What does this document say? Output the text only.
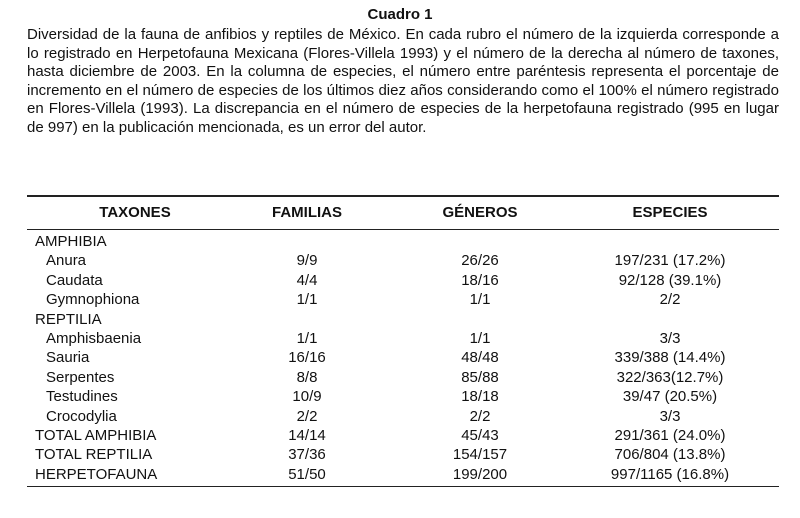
Cuadro 1
Diversidad de la fauna de anfibios y reptiles de México. En cada rubro el número de la izquierda corresponde a lo registrado en Herpetofauna Mexicana (Flores-Villela 1993) y el número de la derecha al número de taxones, hasta diciembre de 2003. En la columna de especies, el número entre paréntesis representa el porcentaje de incremento en el número de especies de los últimos diez años considerando como el 100% el número registrado en Flores-Villela (1993). La discrepancia en el número de especies de la herpetofauna registrado (995 en lugar de 997) en la publicación mencionada, es un error del autor.
TAXONES	FAMILIAS	GÉNEROS	ESPECIES
AMPHIBIA
Anura	9/9	26/26	197/231 (17.2%)
Caudata	4/4	18/16	92/128 (39.1%)
Gymnophiona	1/1	1/1	2/2
REPTILIA
Amphisbaenia	1/1	1/1	3/3
Sauria	16/16	48/48	339/388 (14.4%)
Serpentes	8/8	85/88	322/363(12.7%)
Testudines	10/9	18/18	39/47 (20.5%)
Crocodylia	2/2	2/2	3/3
TOTAL AMPHIBIA	14/14	45/43	291/361 (24.0%)
TOTAL REPTILIA	37/36	154/157	706/804 (13.8%)
HERPETOFAUNA	51/50	199/200	997/1165 (16.8%)
